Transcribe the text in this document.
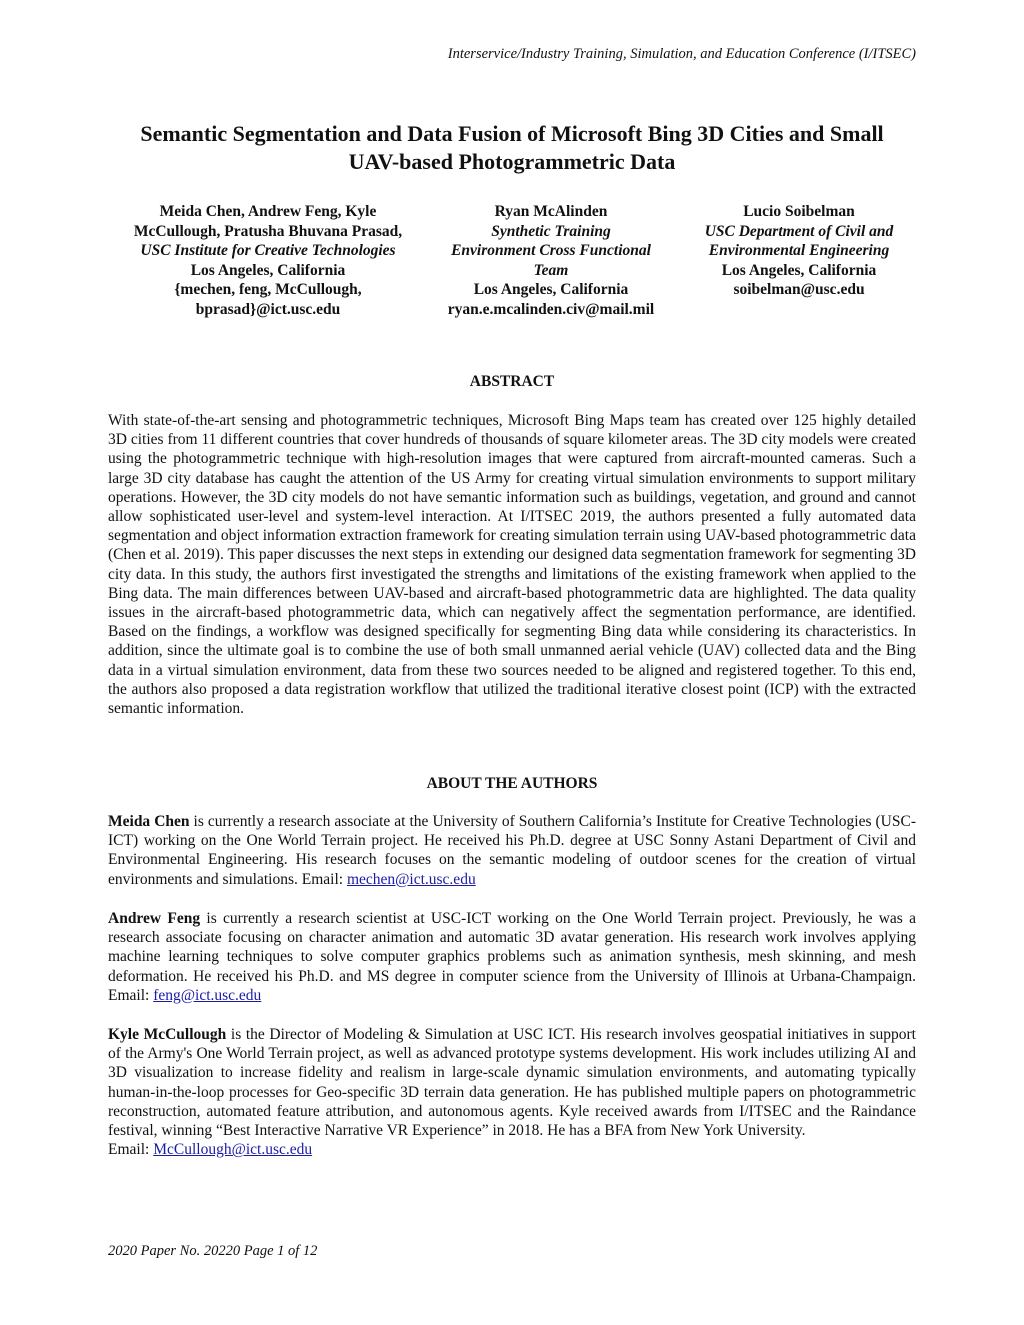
Interservice/Industry Training, Simulation, and Education Conference (I/ITSEC)
Semantic Segmentation and Data Fusion of Microsoft Bing 3D Cities and Small
UAV-based Photogrammetric Data
Meida Chen, Andrew Feng, Kyle
McCullough, Pratusha Bhuvana Prasad,
USC Institute for Creative Technologies
Los Angeles, California
{mechen, feng, McCullough,
bprasad}@ict.usc.edu
Ryan McAlinden
Synthetic Training
Environment Cross Functional
Team
Los Angeles, California
ryan.e.mcalinden.civ@mail.mil
Lucio Soibelman
USC Department of Civil and
Environmental Engineering
Los Angeles, California
soibelman@usc.edu
ABSTRACT
With state-of-the-art sensing and photogrammetric techniques, Microsoft Bing Maps team has created over 125 highly detailed 3D cities from 11 different countries that cover hundreds of thousands of square kilometer areas. The 3D city models were created using the photogrammetric technique with high-resolution images that were captured from aircraft-mounted cameras. Such a large 3D city database has caught the attention of the US Army for creating virtual simulation environments to support military operations. However, the 3D city models do not have semantic information such as buildings, vegetation, and ground and cannot allow sophisticated user-level and system-level interaction. At I/ITSEC 2019, the authors presented a fully automated data segmentation and object information extraction framework for creating simulation terrain using UAV-based photogrammetric data (Chen et al. 2019). This paper discusses the next steps in extending our designed data segmentation framework for segmenting 3D city data. In this study, the authors first investigated the strengths and limitations of the existing framework when applied to the Bing data. The main differences between UAV-based and aircraft-based photogrammetric data are highlighted. The data quality issues in the aircraft-based photogrammetric data, which can negatively affect the segmentation performance, are identified. Based on the findings, a workflow was designed specifically for segmenting Bing data while considering its characteristics. In addition, since the ultimate goal is to combine the use of both small unmanned aerial vehicle (UAV) collected data and the Bing data in a virtual simulation environment, data from these two sources needed to be aligned and registered together. To this end, the authors also proposed a data registration workflow that utilized the traditional iterative closest point (ICP) with the extracted semantic information.
ABOUT THE AUTHORS
Meida Chen is currently a research associate at the University of Southern California’s Institute for Creative Technologies (USC-ICT) working on the One World Terrain project. He received his Ph.D. degree at USC Sonny Astani Department of Civil and Environmental Engineering. His research focuses on the semantic modeling of outdoor scenes for the creation of virtual environments and simulations. Email: mechen@ict.usc.edu
Andrew Feng is currently a research scientist at USC-ICT working on the One World Terrain project. Previously, he was a research associate focusing on character animation and automatic 3D avatar generation. His research work involves applying machine learning techniques to solve computer graphics problems such as animation synthesis, mesh skinning, and mesh deformation. He received his Ph.D. and MS degree in computer science from the University of Illinois at Urbana-Champaign. Email: feng@ict.usc.edu
Kyle McCullough is the Director of Modeling & Simulation at USC ICT. His research involves geospatial initiatives in support of the Army's One World Terrain project, as well as advanced prototype systems development. His work includes utilizing AI and 3D visualization to increase fidelity and realism in large-scale dynamic simulation environments, and automating typically human-in-the-loop processes for Geo-specific 3D terrain data generation. He has published multiple papers on photogrammetric reconstruction, automated feature attribution, and autonomous agents. Kyle received awards from I/ITSEC and the Raindance festival, winning “Best Interactive Narrative VR Experience” in 2018. He has a BFA from New York University.
Email: McCullough@ict.usc.edu
2020 Paper No. 20220 Page 1 of 12
